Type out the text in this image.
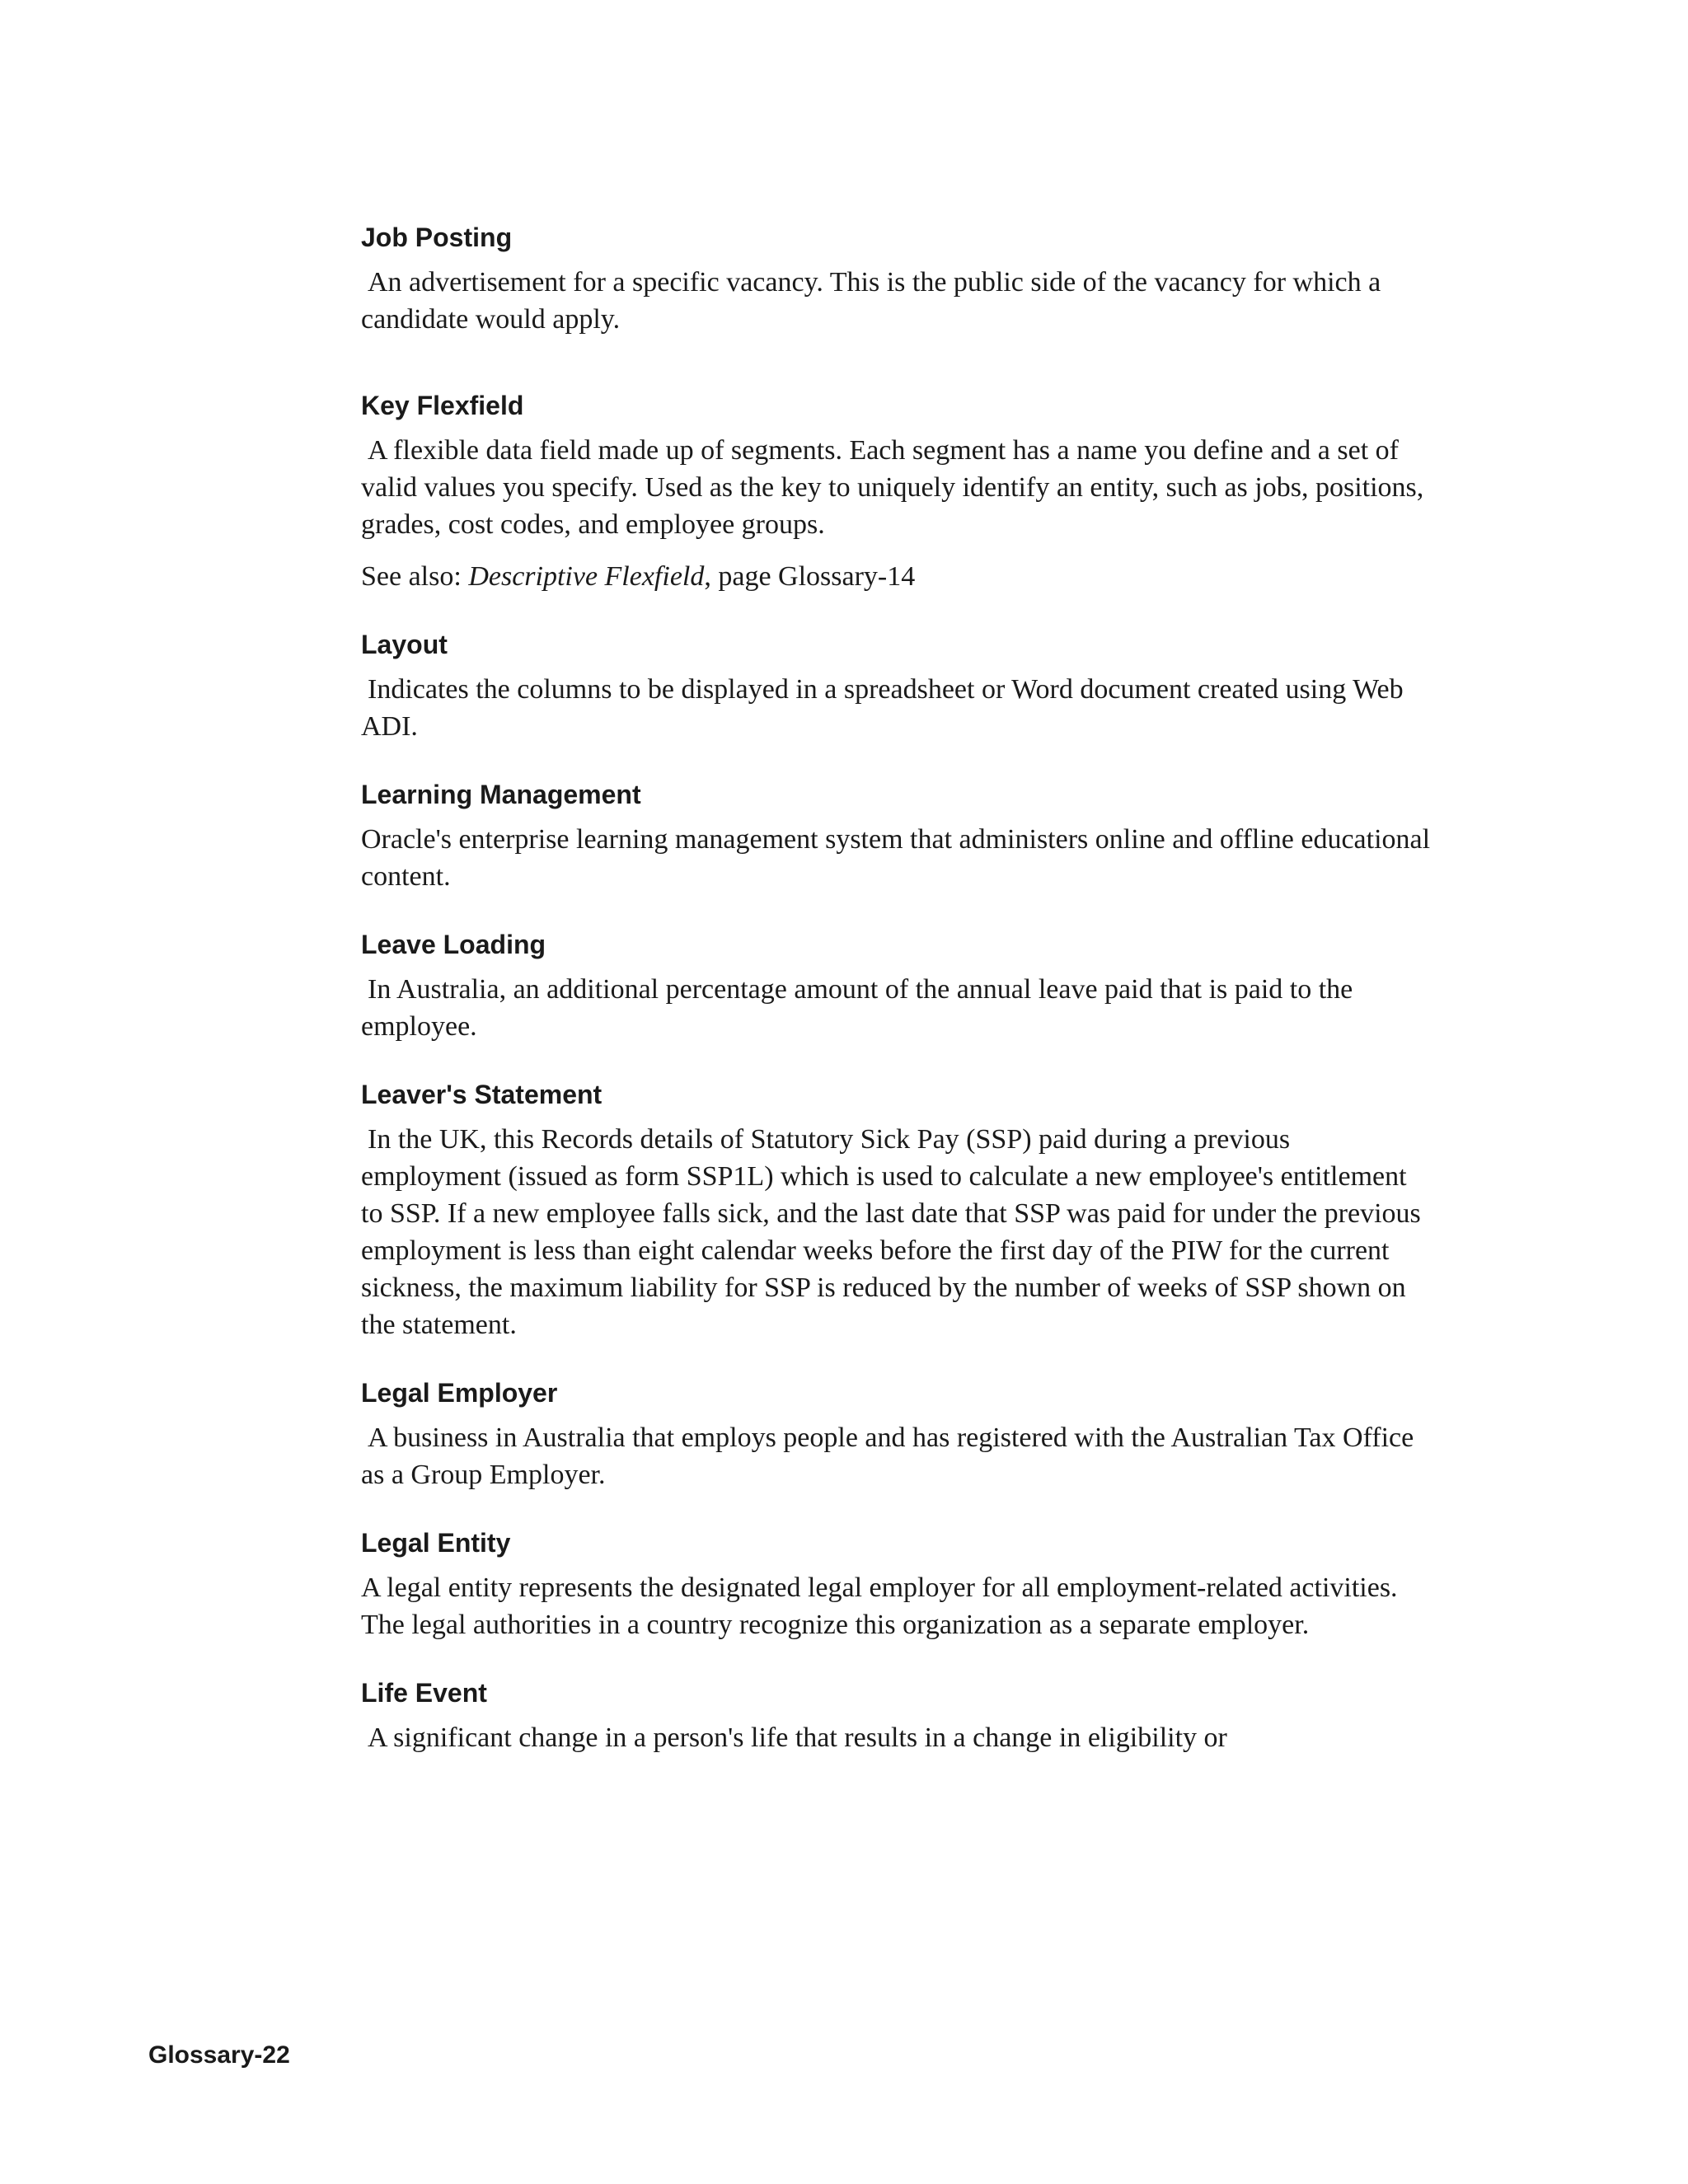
Job Posting

An advertisement for a specific vacancy. This is the public side of the vacancy for which a candidate would apply.

Key Flexfield

A flexible data field made up of segments. Each segment has a name you define and a set of valid values you specify. Used as the key to uniquely identify an entity, such as jobs, positions, grades, cost codes, and employee groups.

See also: Descriptive Flexfield, page Glossary-14

Layout

Indicates the columns to be displayed in a spreadsheet or Word document created using Web ADI.

Learning Management

Oracle's enterprise learning management system that administers online and offline educational content.

Leave Loading

In Australia, an additional percentage amount of the annual leave paid that is paid to the employee.

Leaver's Statement

In the UK, this Records details of Statutory Sick Pay (SSP) paid during a previous employment (issued as form SSP1L) which is used to calculate a new employee's entitlement to SSP. If a new employee falls sick, and the last date that SSP was paid for under the previous employment is less than eight calendar weeks before the first day of the PIW for the current sickness, the maximum liability for SSP is reduced by the number of weeks of SSP shown on the statement.

Legal Employer

A business in Australia that employs people and has registered with the Australian Tax Office as a Group Employer.

Legal Entity

A legal entity represents the designated legal employer for all employment-related activities. The legal authorities in a country recognize this organization as a separate employer.

Life Event

A significant change in a person's life that results in a change in eligibility or

Glossary-22
